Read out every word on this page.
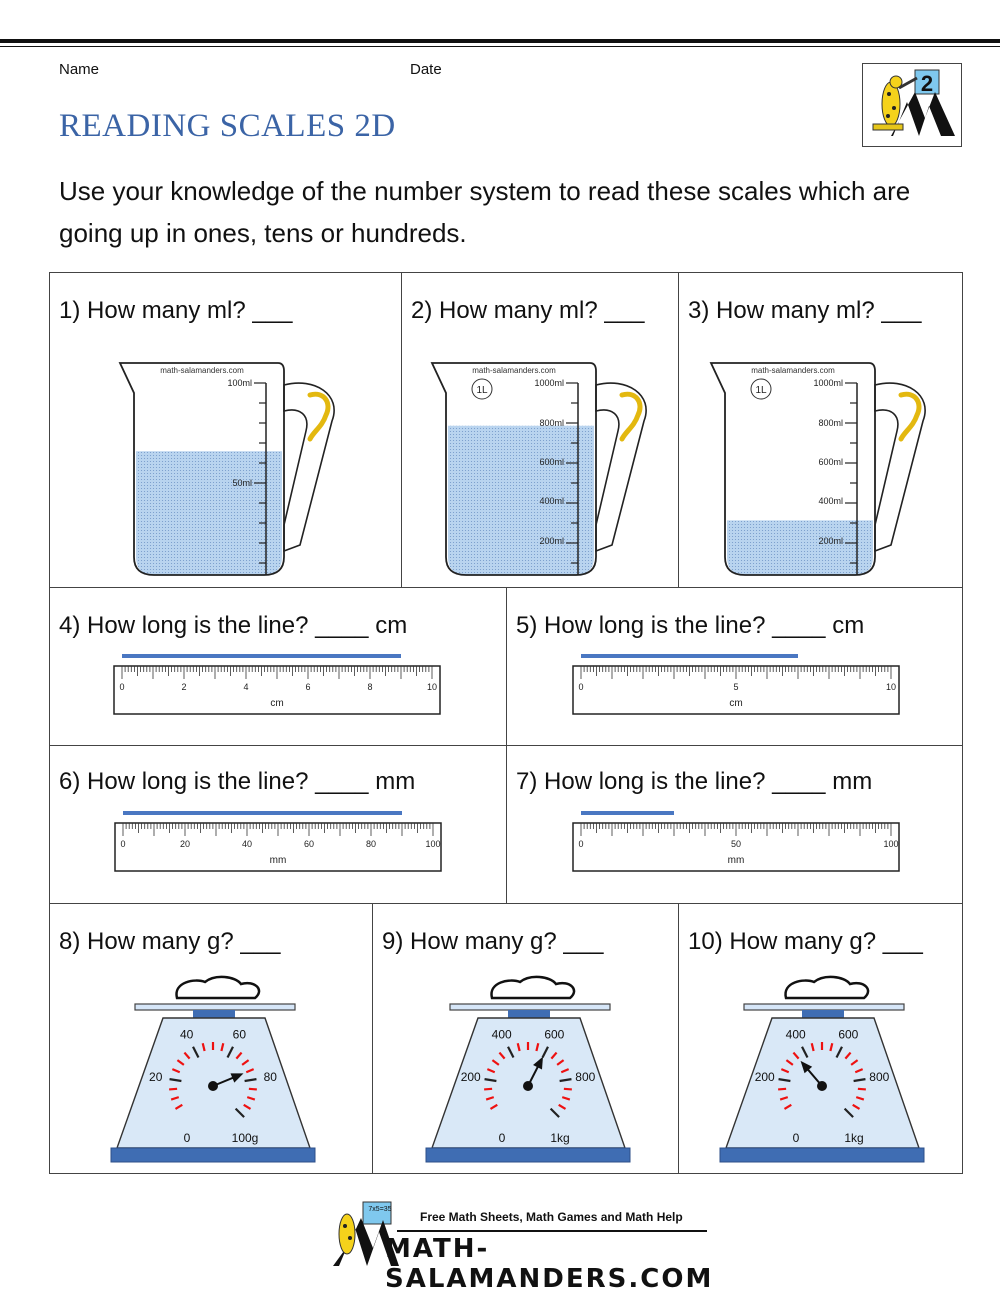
Name	Date
READING SCALES 2D
2
Use your knowledge of the number system to read these scales which are going up in ones, tens or hundreds.
1) How many ml? ___
math-salamanders.com
100ml
50ml
2) How many ml? ___
math-salamanders.com
1L
1000ml
800ml
600ml
400ml
200ml
3) How many ml? ___
math-salamanders.com
1L
1000ml
800ml
600ml
400ml
200ml
4) How long is the line? ____ cm
0	2	4	6	8	10
cm
5) How long is the line? ____ cm
0	5	10
cm
6) How long is the line? ____ mm
0	20	40	60	80	100
mm
7) How long is the line? ____ mm
0	50	100
mm
8) How many g? ___
0
20
40	60
80
100g
9) How many g? ___
0
200
400	600
800
1kg
10) How many g? ___
0
200
400	600
800
1kg
7x5=35
Free Math Sheets, Math Games and Math Help
MATH-SALAMANDERS.COM
